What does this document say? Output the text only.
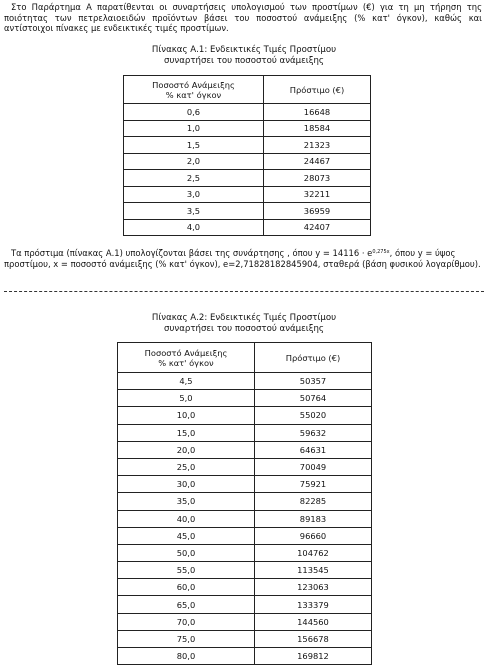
Στο Παράρτημα Α παρατίθενται οι συναρτήσεις υπολογισμού των προστίμων (€) για τη μη τήρηση της ποιότητας των πετρελαιοειδών προϊόντων βάσει του ποσοστού ανάμειξης (% κατ' όγκον), καθώς και αντίστοιχοι πίνακες με ενδεικτικές τιμές προστίμων.

Πίνακας Α.1: Ενδεικτικές Τιμές Προστίμου
συναρτήσει του ποσοστού ανάμειξης
Ποσοστό Ανάμειξης
% κατ' όγκον	Πρόστιμο (€)
0,6	16648
1,0	18584
1,5	21323
2,0	24467
2,5	28073
3,0	32211
3,5	36959
4,0	42407

Τα πρόστιμα (πίνακας Α.1) υπολογίζονται βάσει της συνάρτησης , όπου $y = 14116 \cdot e^{0,275x}$, όπου y = ύψος προστίμου, x = ποσοστό ανάμειξης (% κατ' όγκον), e=2,71828182845904, σταθερά (βάση φυσικού λογαρίθμου).

Πίνακας Α.2: Ενδεικτικές Τιμές Προστίμου
συναρτήσει του ποσοστού ανάμειξης
Ποσοστό Ανάμειξης
% κατ' όγκον	Πρόστιμο (€)
4,5	50357
5,0	50764
10,0	55020
15,0	59632
20,0	64631
25,0	70049
30,0	75921
35,0	82285
40,0	89183
45,0	96660
50,0	104762
55,0	113545
60,0	123063
65,0	133379
70,0	144560
75,0	156678
80,0	169812
